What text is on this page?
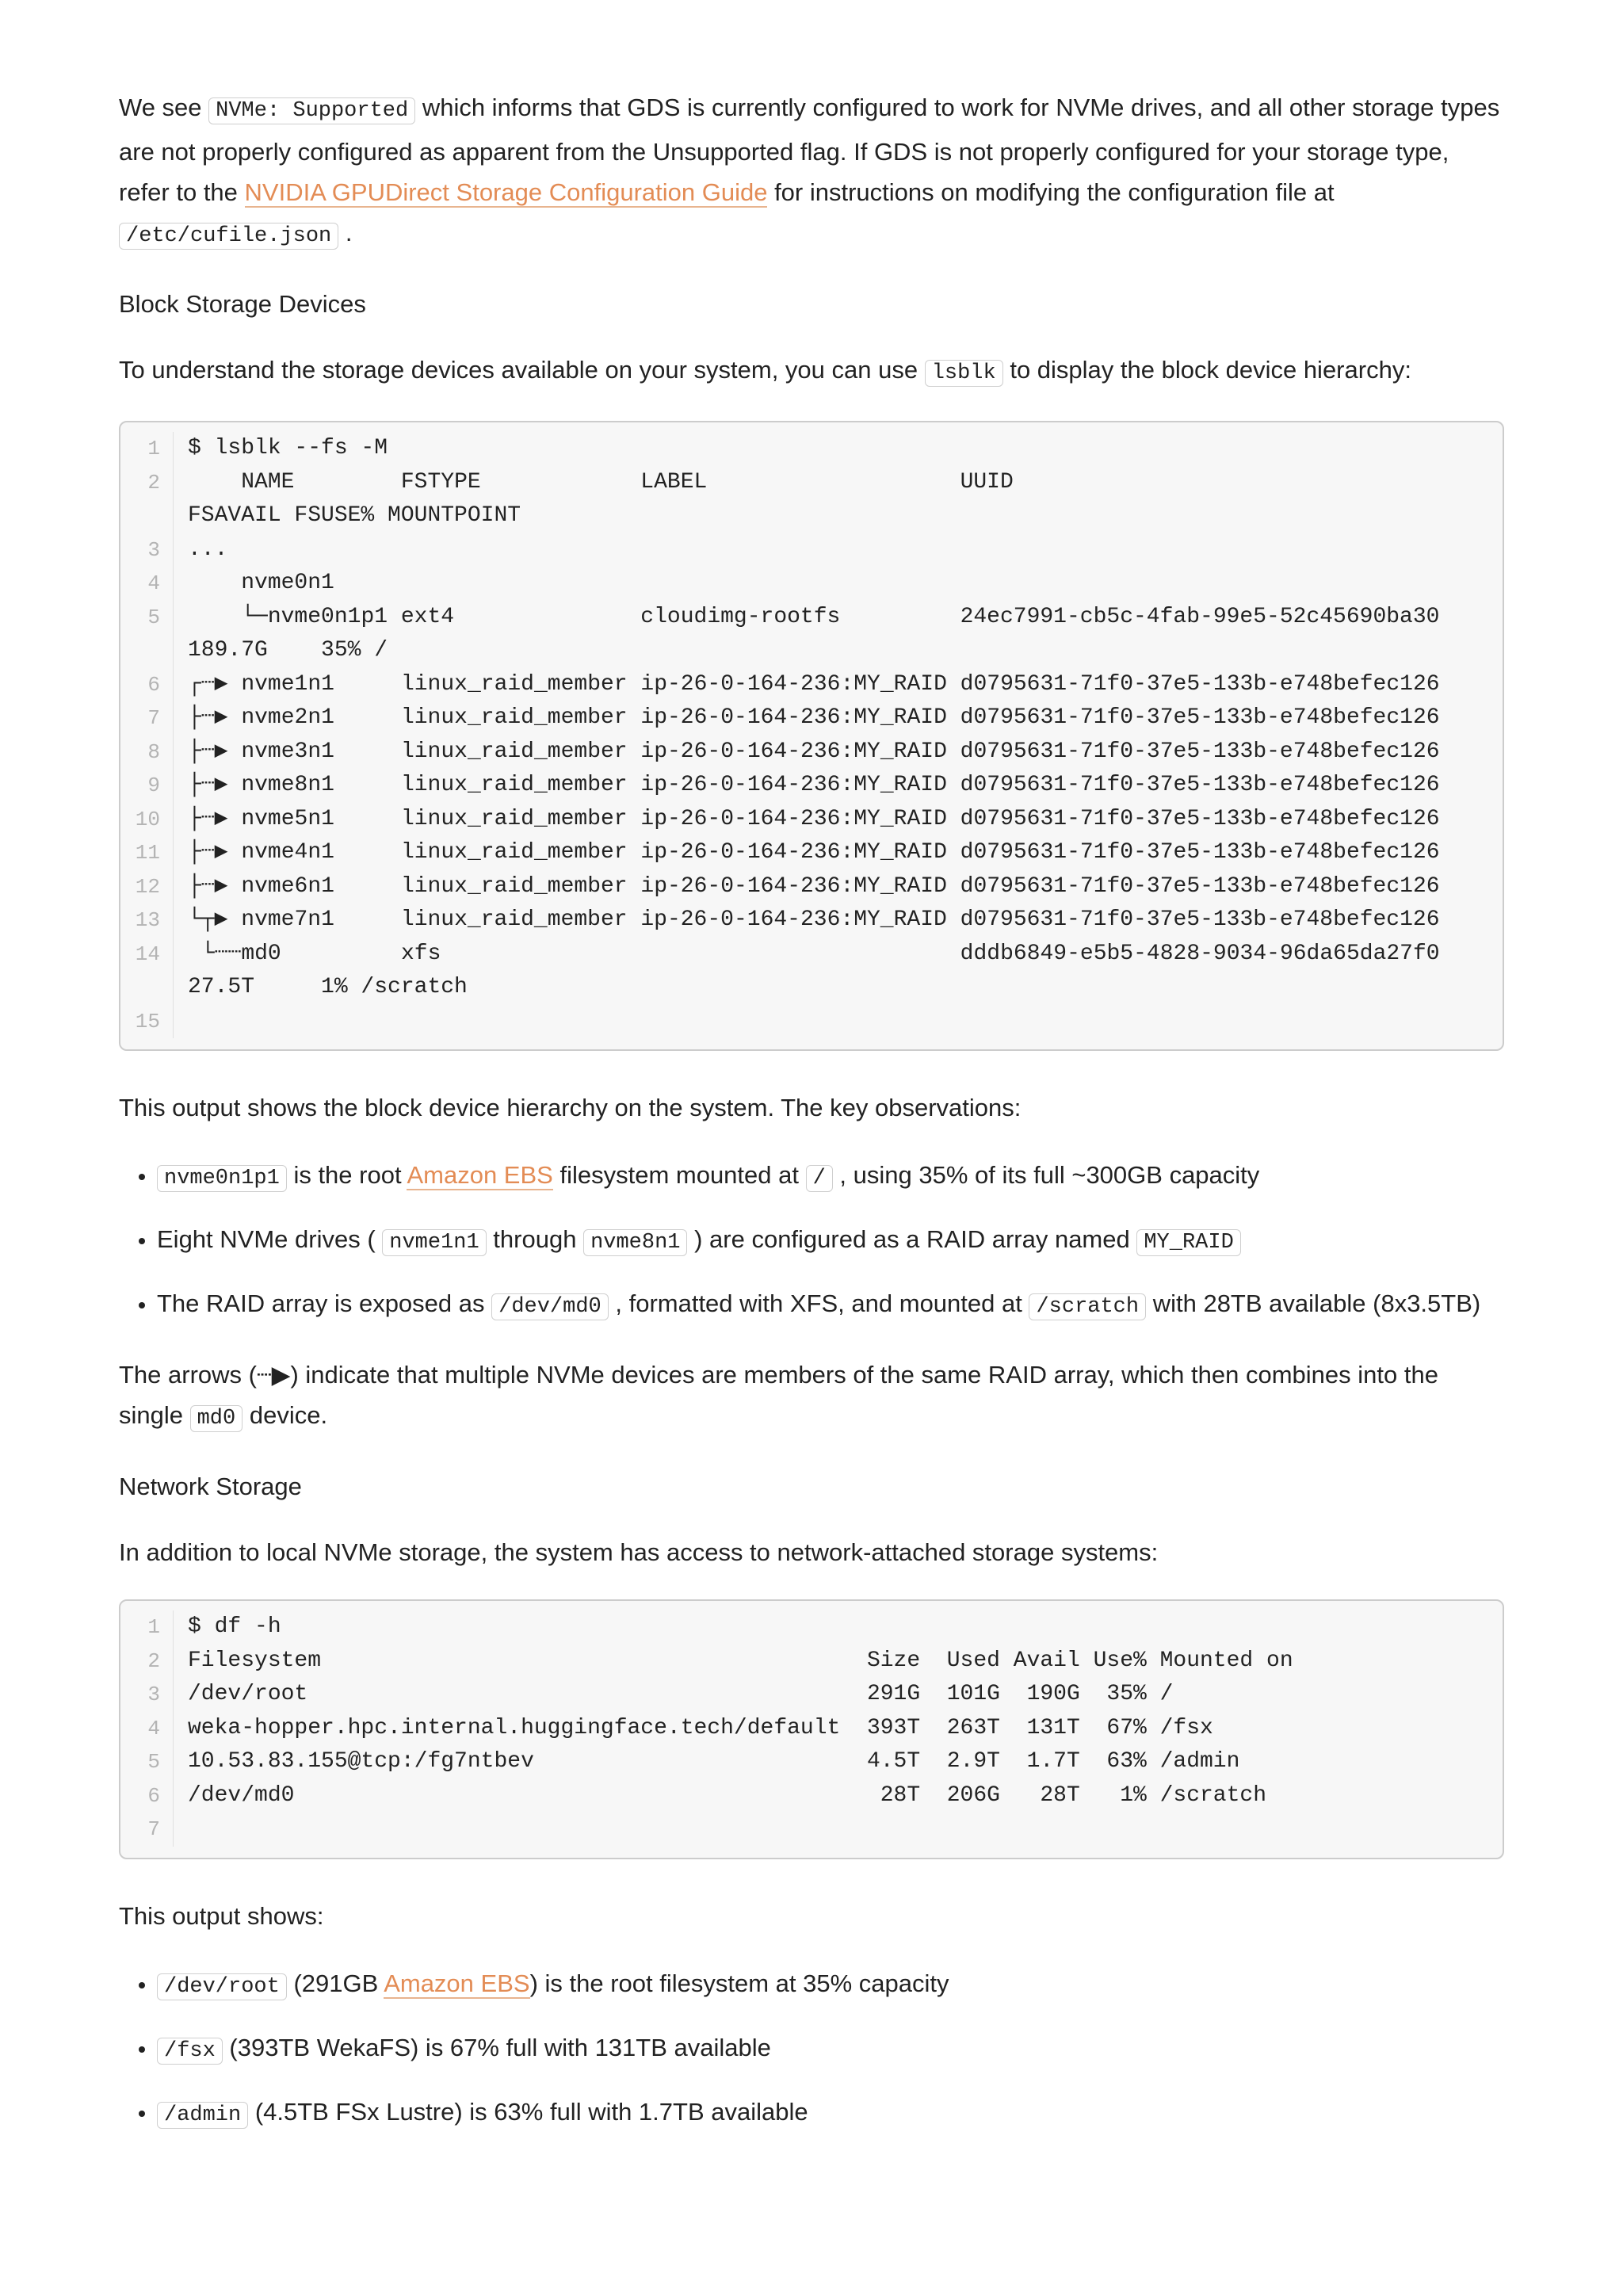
We see NVMe: Supported which informs that GDS is currently configured to work for NVMe drives, and all other storage types are not properly configured as apparent from the Unsupported flag. If GDS is not properly configured for your storage type, refer to the NVIDIA GPUDirect Storage Configuration Guide for instructions on modifying the configuration file at /etc/cufile.json .

Block Storage Devices

To understand the storage devices available on your system, you can use lsblk to display the block device hierarchy:

1	$ lsblk --fs -M
2	NAME        FSTYPE            LABEL                   UUID                                 FSAVAIL FSUSE% MOUNTPOINT
3	...
4	nvme0n1
5	└─nvme0n1p1 ext4              cloudimg-rootfs         24ec7991-cb5c-4fab-99e5-52c45690ba30  189.7G    35% /
6	┌┈▶ nvme1n1     linux_raid_member ip-26-0-164-236:MY_RAID d0795631-71f0-37e5-133b-e748befec126
7	├┈▶ nvme2n1     linux_raid_member ip-26-0-164-236:MY_RAID d0795631-71f0-37e5-133b-e748befec126
8	├┈▶ nvme3n1     linux_raid_member ip-26-0-164-236:MY_RAID d0795631-71f0-37e5-133b-e748befec126
9	├┈▶ nvme8n1     linux_raid_member ip-26-0-164-236:MY_RAID d0795631-71f0-37e5-133b-e748befec126
10	├┈▶ nvme5n1     linux_raid_member ip-26-0-164-236:MY_RAID d0795631-71f0-37e5-133b-e748befec126
11	├┈▶ nvme4n1     linux_raid_member ip-26-0-164-236:MY_RAID d0795631-71f0-37e5-133b-e748befec126
12	├┈▶ nvme6n1     linux_raid_member ip-26-0-164-236:MY_RAID d0795631-71f0-37e5-133b-e748befec126
13	└┬▶ nvme7n1     linux_raid_member ip-26-0-164-236:MY_RAID d0795631-71f0-37e5-133b-e748befec126
14	└┈┈md0         xfs                                       dddb6849-e5b5-4828-9034-96da65da27f0  27.5T     1% /scratch
15

This output shows the block device hierarchy on the system. The key observations:

• nvme0n1p1 is the root Amazon EBS filesystem mounted at / , using 35% of its full ~300GB capacity
• Eight NVMe drives ( nvme1n1 through nvme8n1 ) are configured as a RAID array named MY_RAID
• The RAID array is exposed as /dev/md0 , formatted with XFS, and mounted at /scratch with 28TB available (8x3.5TB)

The arrows (┈▶) indicate that multiple NVMe devices are members of the same RAID array, which then combines into the single md0 device.

Network Storage

In addition to local NVMe storage, the system has access to network-attached storage systems:

1	$ df -h
2	Filesystem                                         Size  Used Avail Use% Mounted on
3	/dev/root                                          291G  101G  190G  35% /
4	weka-hopper.hpc.internal.huggingface.tech/default  393T  263T  131T  67% /fsx
5	10.53.83.155@tcp:/fg7ntbev                         4.5T  2.9T  1.7T  63% /admin
6	/dev/md0                                            28T  206G   28T   1% /scratch
7

This output shows:

• /dev/root (291GB Amazon EBS) is the root filesystem at 35% capacity
• /fsx (393TB WekaFS) is 67% full with 131TB available
• /admin (4.5TB FSx Lustre) is 63% full with 1.7TB available
